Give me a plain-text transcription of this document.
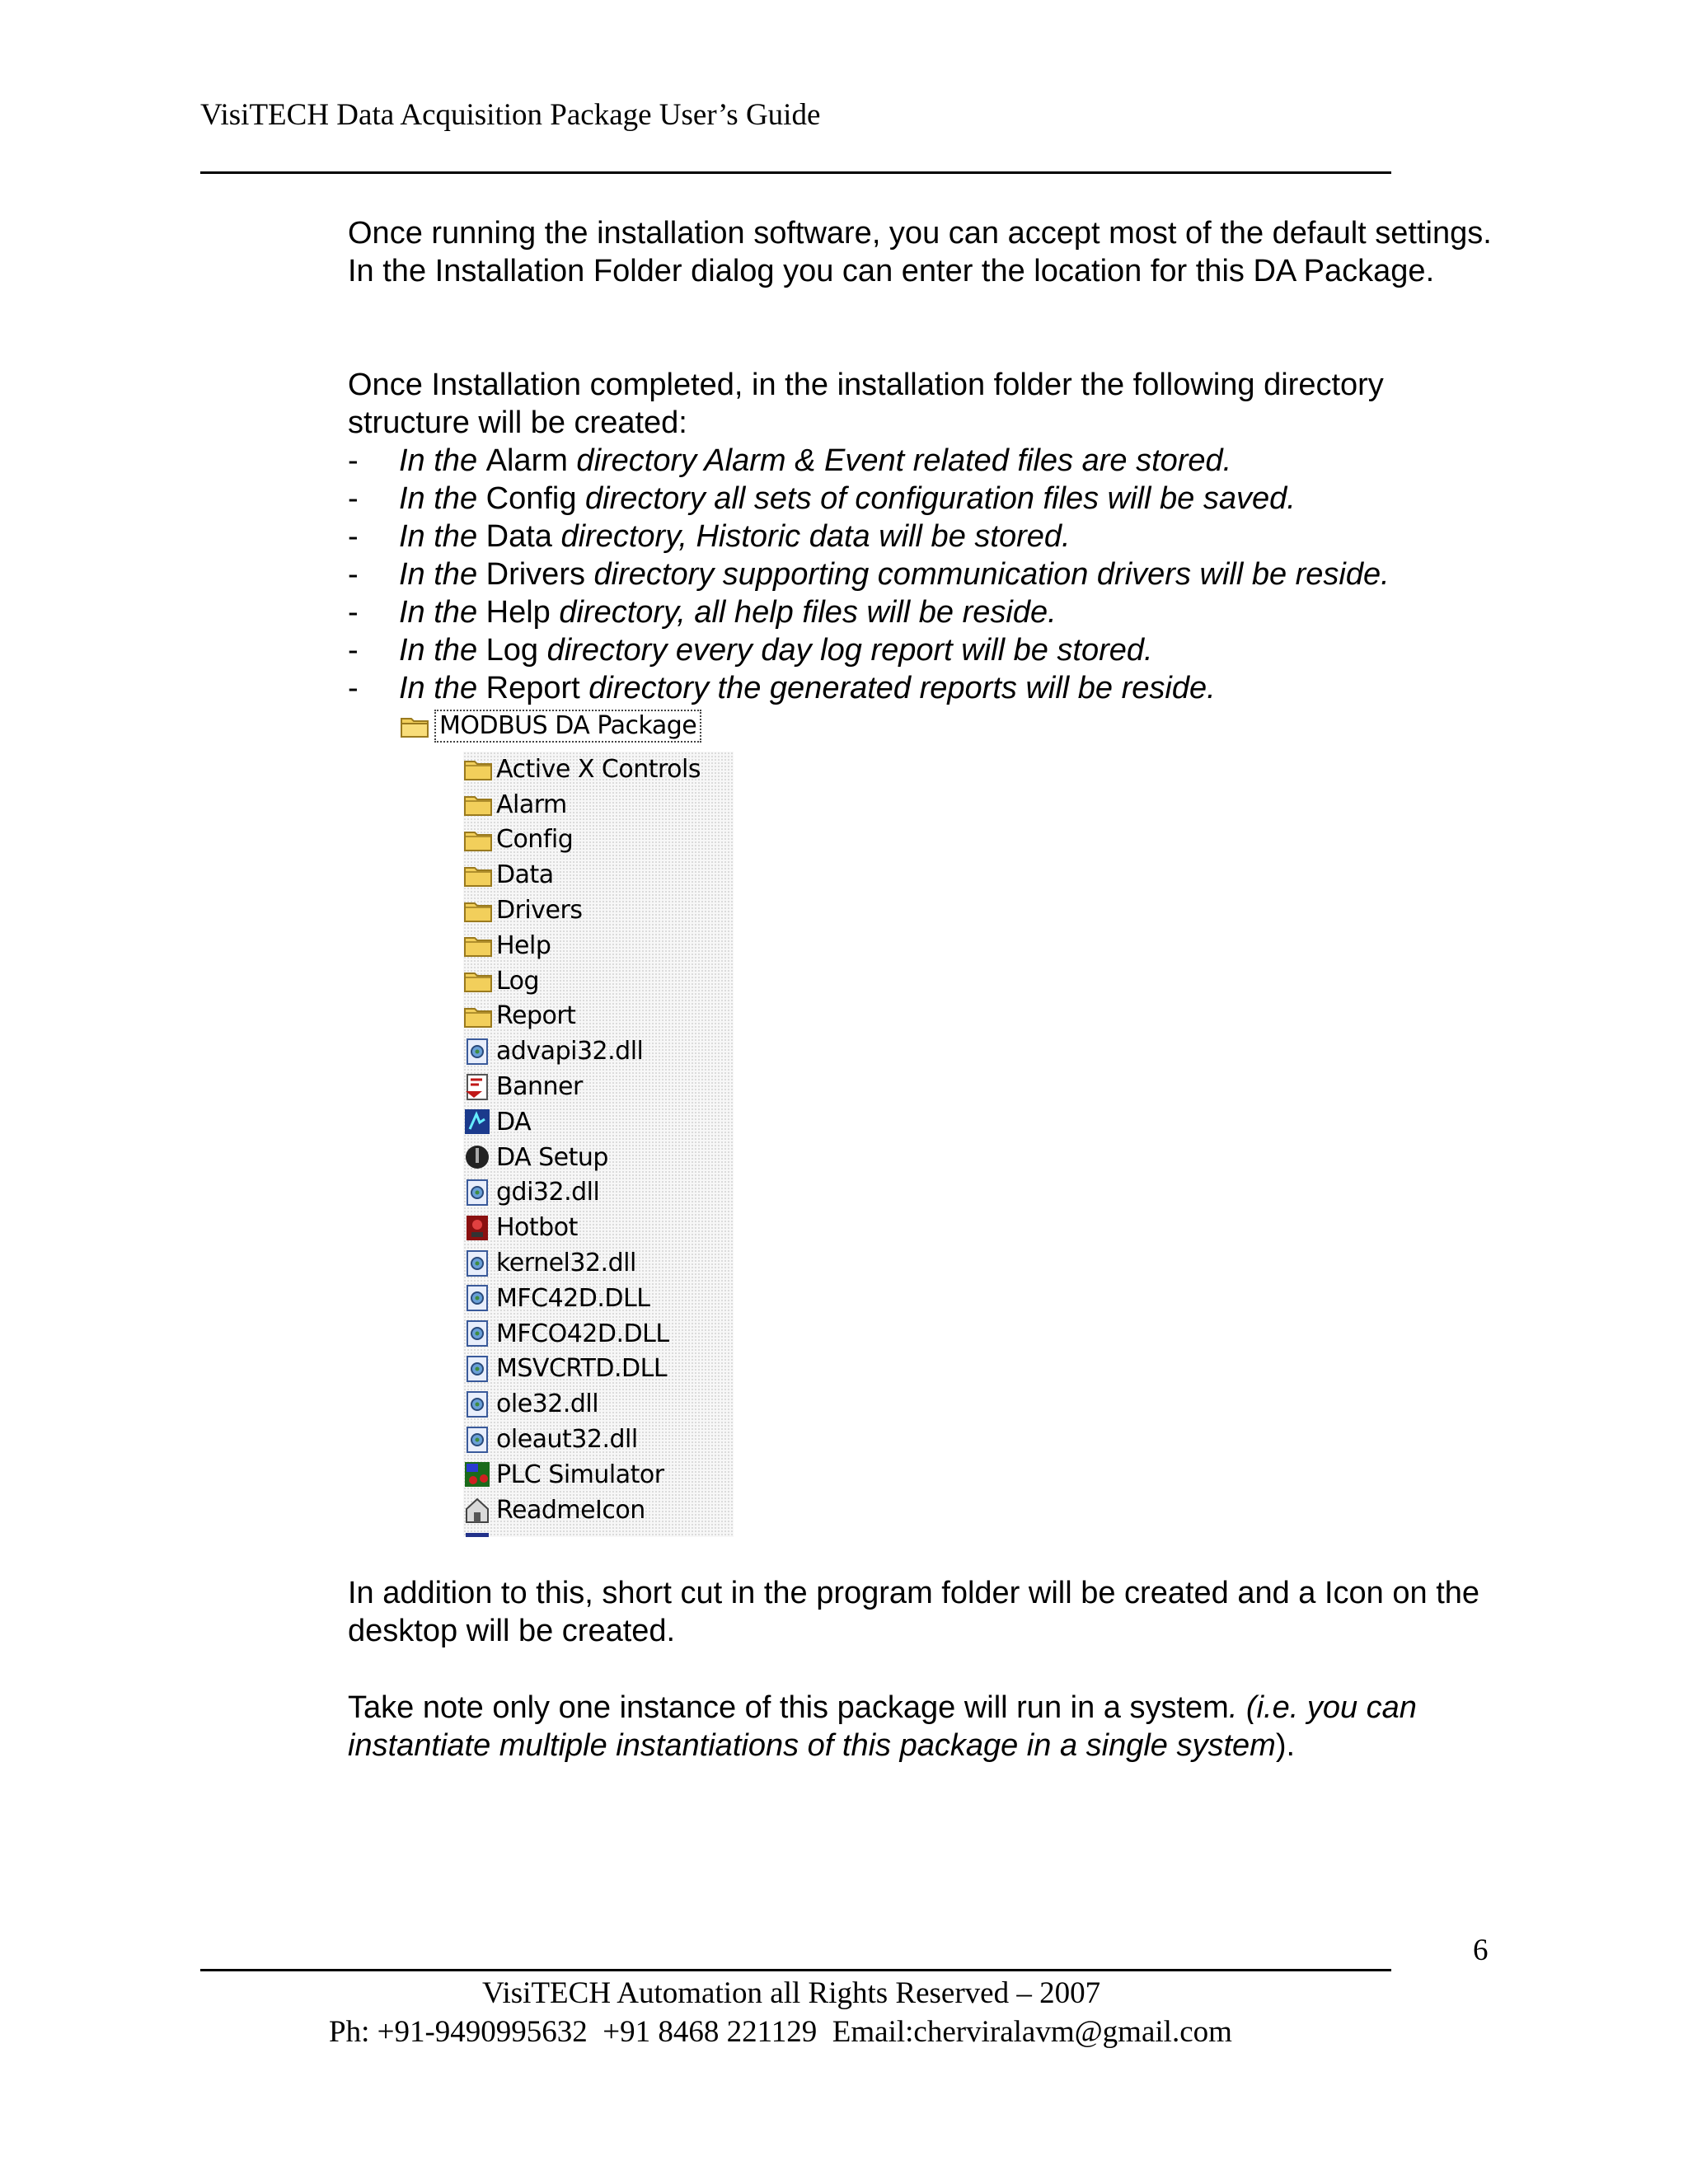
VisiTECH Data Acquisition Package User’s Guide
Once running the installation software, you can accept most of the default settings. In the Installation Folder dialog you can enter the location for this DA Package.
Once Installation completed, in the installation folder the following directory structure will be created:
- In the Alarm directory Alarm & Event related files are stored.
- In the Config directory all sets of configuration files will be saved.
- In the Data directory, Historic data will be stored.
- In the Drivers directory supporting communication drivers will be reside.
- In the Help directory, all help files will be reside.
- In the Log directory every day log report will be stored.
- In the Report directory the generated reports will be reside.
MODBUS DA Package
Active X Controls
Alarm
Config
Data
Drivers
Help
Log
Report
advapi32.dll
Banner
DA
DA Setup
gdi32.dll
Hotbot
kernel32.dll
MFC42D.DLL
MFCO42D.DLL
MSVCRTD.DLL
ole32.dll
oleaut32.dll
PLC Simulator
ReadmeIcon
In addition to this, short cut in the program folder will be created and a Icon on the desktop will be created.
Take note only one instance of this package will run in a system. (i.e. you can instantiate multiple instantiations of this package in a single system).
6
VisiTECH Automation all Rights Reserved – 2007
Ph: +91-9490995632  +91 8468 221129  Email:cherviralavm@gmail.com
